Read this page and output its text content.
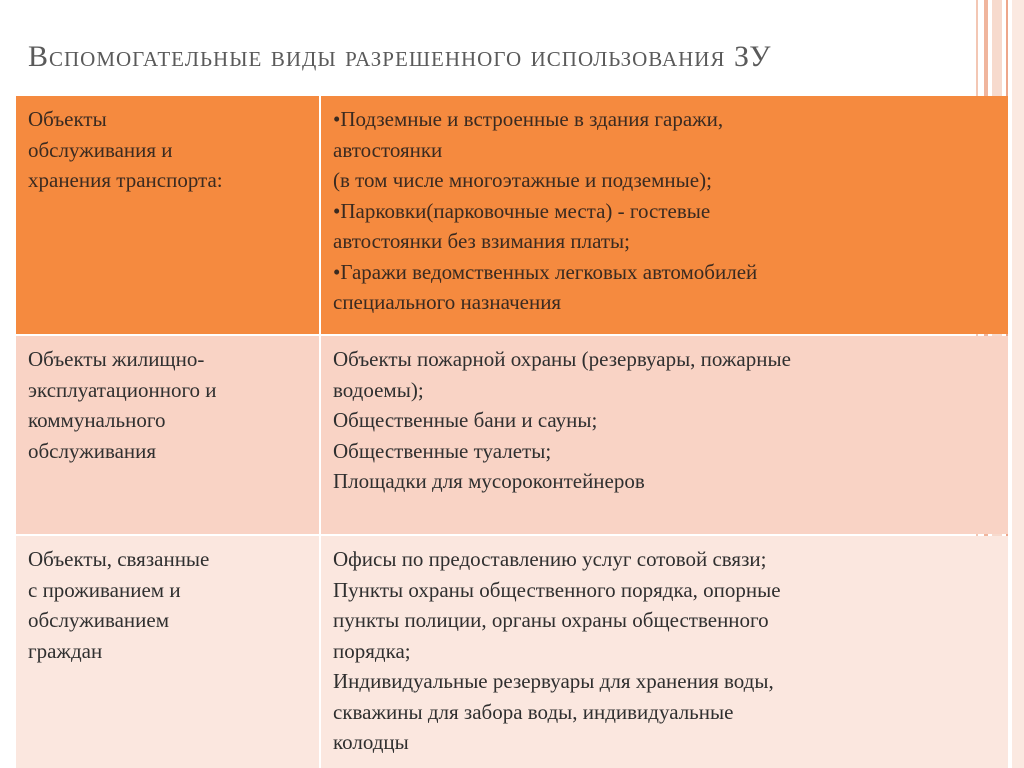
Вспомогательные виды разрешенного использования ЗУ
Объекты
обслуживания и
хранения транспорта:
•Подземные и встроенные в здания гаражи,
автостоянки
(в том числе многоэтажные и подземные);
•Парковки(парковочные места) - гостевые
автостоянки без взимания платы;
•Гаражи ведомственных легковых автомобилей
специального назначения
Объекты жилищно-
эксплуатационного и
коммунального
обслуживания
Объекты пожарной охраны (резервуары, пожарные
водоемы);
Общественные бани и сауны;
Общественные туалеты;
Площадки для мусороконтейнеров
Объекты, связанные
с проживанием и
обслуживанием
граждан
Офисы по предоставлению услуг сотовой связи;
Пункты охраны общественного порядка, опорные
пункты полиции, органы охраны общественного
порядка;
Индивидуальные резервуары для хранения воды,
скважины для забора воды, индивидуальные
колодцы
